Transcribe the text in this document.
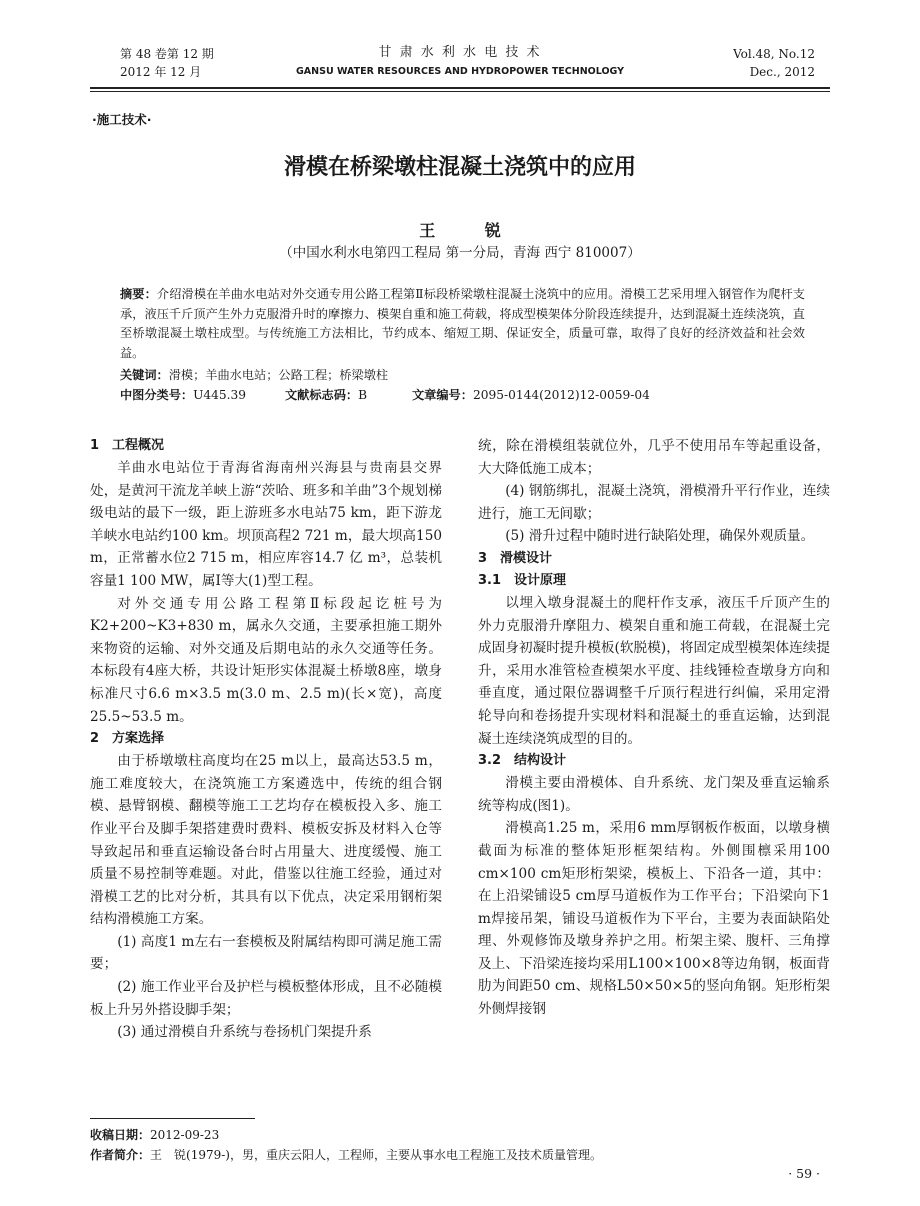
第 48 卷第 12 期
2012 年 12 月
甘 肃 水 利 水 电 技 术
GANSU WATER RESOURCES AND HYDROPOWER TECHNOLOGY
Vol.48, No.12
Dec., 2012
·施工技术·
滑模在桥梁墩柱混凝土浇筑中的应用
王 锐
（中国水利水电第四工程局 第一分局，青海 西宁 810007）
摘要：介绍滑模在羊曲水电站对外交通专用公路工程第Ⅱ标段桥梁墩柱混凝土浇筑中的应用。滑模工艺采用埋入钢管作为爬杆支承，液压千斤顶产生外力克服滑升时的摩擦力、模架自重和施工荷载，将成型模架体分阶段连续提升，达到混凝土连续浇筑，直至桥墩混凝土墩柱成型。与传统施工方法相比，节约成本、缩短工期、保证安全，质量可靠，取得了良好的经济效益和社会效益。
关键词：滑模；羊曲水电站；公路工程；桥梁墩柱
中图分类号：U445.39	文献标志码：B	文章编号：2095-0144(2012)12-0059-04
1　工程概况

羊曲水电站位于青海省海南州兴海县与贵南县交界处，是黄河干流龙羊峡上游“茨哈、班多和羊曲”3个规划梯级电站的最下一级，距上游班多水电站75 km，距下游龙羊峡水电站约100 km。坝顶高程2 721 m，最大坝高150 m，正常蓄水位2 715 m，相应库容14.7 亿 m³，总装机容量1 100 MW，属Ⅰ等大(1)型工程。

对外交通专用公路工程第Ⅱ标段起讫桩号为K2+200~K3+830 m，属永久交通，主要承担施工期外来物资的运输、对外交通及后期电站的永久交通等任务。本标段有4座大桥，共设计矩形实体混凝土桥墩8座，墩身标准尺寸6.6 m×3.5 m(3.0 m、2.5 m)(长×宽)，高度25.5~53.5 m。

2　方案选择

由于桥墩墩柱高度均在25 m以上，最高达53.5 m，施工难度较大，在浇筑施工方案遴选中，传统的组合钢模、悬臂钢模、翻模等施工工艺均存在模板投入多、施工作业平台及脚手架搭建费时费料、模板安拆及材料入仓等导致起吊和垂直运输设备台时占用量大、进度缓慢、施工质量不易控制等难题。对此，借鉴以往施工经验，通过对滑模工艺的比对分析，其具有以下优点，决定采用钢桁架结构滑模施工方案。

(1) 高度1 m左右一套模板及附属结构即可满足施工需要；

(2) 施工作业平台及护栏与模板整体形成，且不必随模板上升另外搭设脚手架；

(3) 通过滑模自升系统与卷扬机门架提升系

统，除在滑模组装就位外，几乎不使用吊车等起重设备，大大降低施工成本；

(4) 钢筋绑扎，混凝土浇筑，滑模滑升平行作业，连续进行，施工无间歇；

(5) 滑升过程中随时进行缺陷处理，确保外观质量。

3　滑模设计
3.1　设计原理

以埋入墩身混凝土的爬杆作支承，液压千斤顶产生的外力克服滑升摩阻力、模架自重和施工荷载，在混凝土完成固身初凝时提升模板(软脱模)，将固定成型模架体连续提升，采用水准管检查模架水平度、挂线锤检查墩身方向和垂直度，通过限位器调整千斤顶行程进行纠偏，采用定滑轮导向和卷扬提升实现材料和混凝土的垂直运输，达到混凝土连续浇筑成型的目的。

3.2　结构设计

滑模主要由滑模体、自升系统、龙门架及垂直运输系统等构成(图1)。

滑模高1.25 m，采用6 mm厚钢板作板面，以墩身横截面为标准的整体矩形框架结构。外侧围檩采用100 cm×100 cm矩形桁架梁，模板上、下沿各一道，其中：在上沿梁铺设5 cm厚马道板作为工作平台；下沿梁向下1 m焊接吊架，铺设马道板作为下平台，主要为表面缺陷处理、外观修饰及墩身养护之用。桁架主梁、腹杆、三角撑及上、下沿梁连接均采用L100×100×8等边角钢，板面背肋为间距50 cm、规格L50×50×5的竖向角钢。矩形桁架外侧焊接钢

收稿日期：2012-09-23
作者简介：王　锐(1979-)，男，重庆云阳人，工程师，主要从事水电工程施工及技术质量管理。
· 59 ·
